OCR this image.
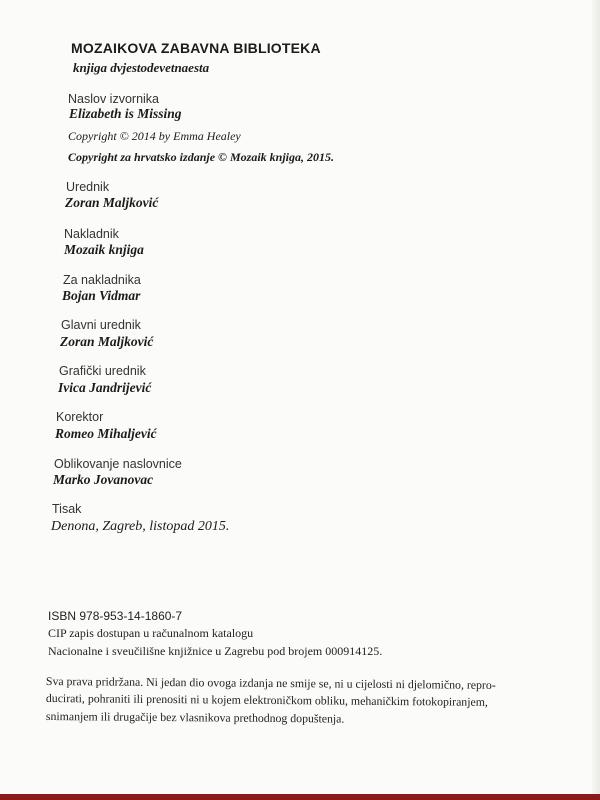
MOZAIKOVA ZABAVNA BIBLIOTEKA
knjiga dvjestodevetnaesta
Naslov izvornika
Elizabeth is Missing
Copyright © 2014 by Emma Healey
Copyright za hrvatsko izdanje © Mozaik knjiga, 2015.
Urednik
Zoran Maljković
Nakladnik
Mozaik knjiga
Za nakladnika
Bojan Vidmar
Glavni urednik
Zoran Maljković
Grafički urednik
Ivica Jandrijević
Korektor
Romeo Mihaljević
Oblikovanje naslovnice
Marko Jovanovac
Tisak
Denona, Zagreb, listopad 2015.
ISBN 978-953-14-1860-7
CIP zapis dostupan u računalnom katalogu
Nacionalne i sveučilišne knjižnice u Zagrebu pod brojem 000914125.
Sva prava pridržana. Ni jedan dio ovoga izdanja ne smije se, ni u cijelosti ni djelomično, repro-
ducirati, pohraniti ili prenositi ni u kojem elektroničkom obliku, mehaničkim fotokopiranjem,
snimanjem ili drugačije bez vlasnikova prethodnog dopuštenja.
